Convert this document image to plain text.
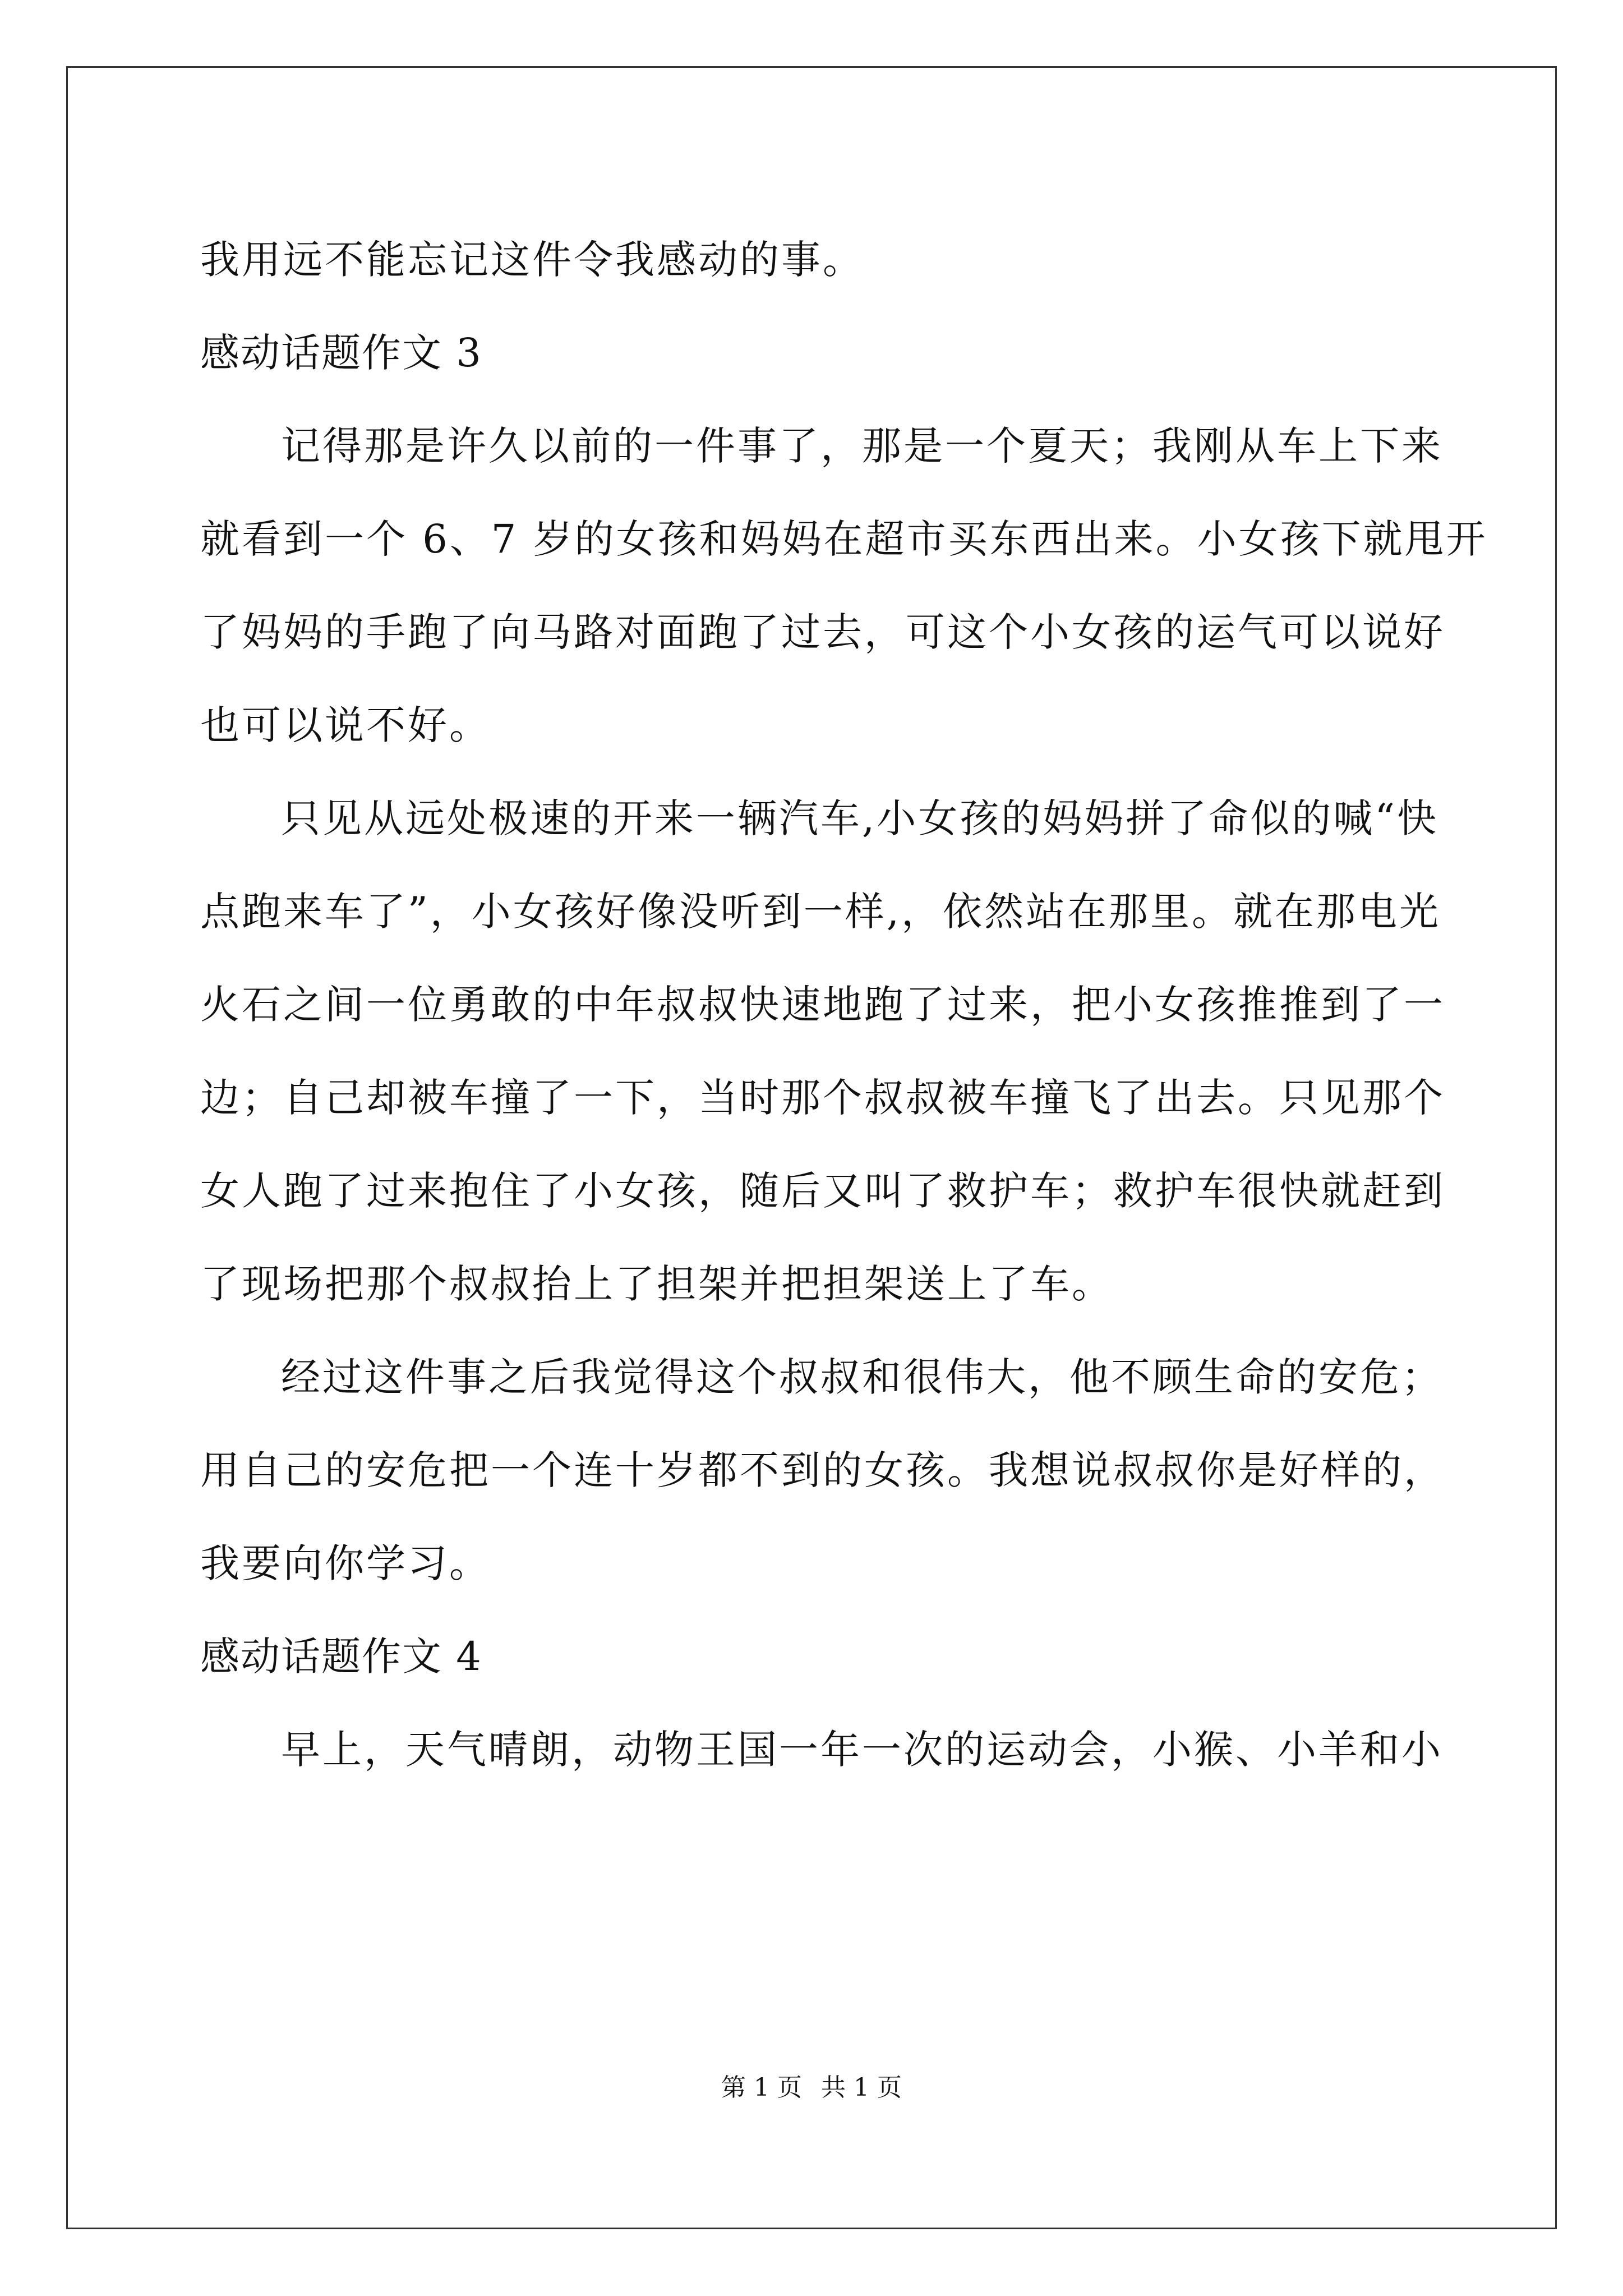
我用远不能忘记这件令我感动的事。
感动话题作文 3
记得那是许久以前的一件事了，那是一个夏天；我刚从车上下来
就看到一个 6、7 岁的女孩和妈妈在超市买东西出来。小女孩下就甩开
了妈妈的手跑了向马路对面跑了过去，可这个小女孩的运气可以说好
也可以说不好。
只见从远处极速的开来一辆汽车,小女孩的妈妈拼了命似的喊“快
点跑来车了”，小女孩好像没听到一样,，依然站在那里。就在那电光
火石之间一位勇敢的中年叔叔快速地跑了过来，把小女孩推推到了一
边；自己却被车撞了一下，当时那个叔叔被车撞飞了出去。只见那个
女人跑了过来抱住了小女孩，随后又叫了救护车；救护车很快就赶到
了现场把那个叔叔抬上了担架并把担架送上了车。
经过这件事之后我觉得这个叔叔和很伟大，他不顾生命的安危；
用自己的安危把一个连十岁都不到的女孩。我想说叔叔你是好样的，
我要向你学习。
感动话题作文 4
早上，天气晴朗，动物王国一年一次的运动会，小猴、小羊和小
第 1 页 共 1 页
